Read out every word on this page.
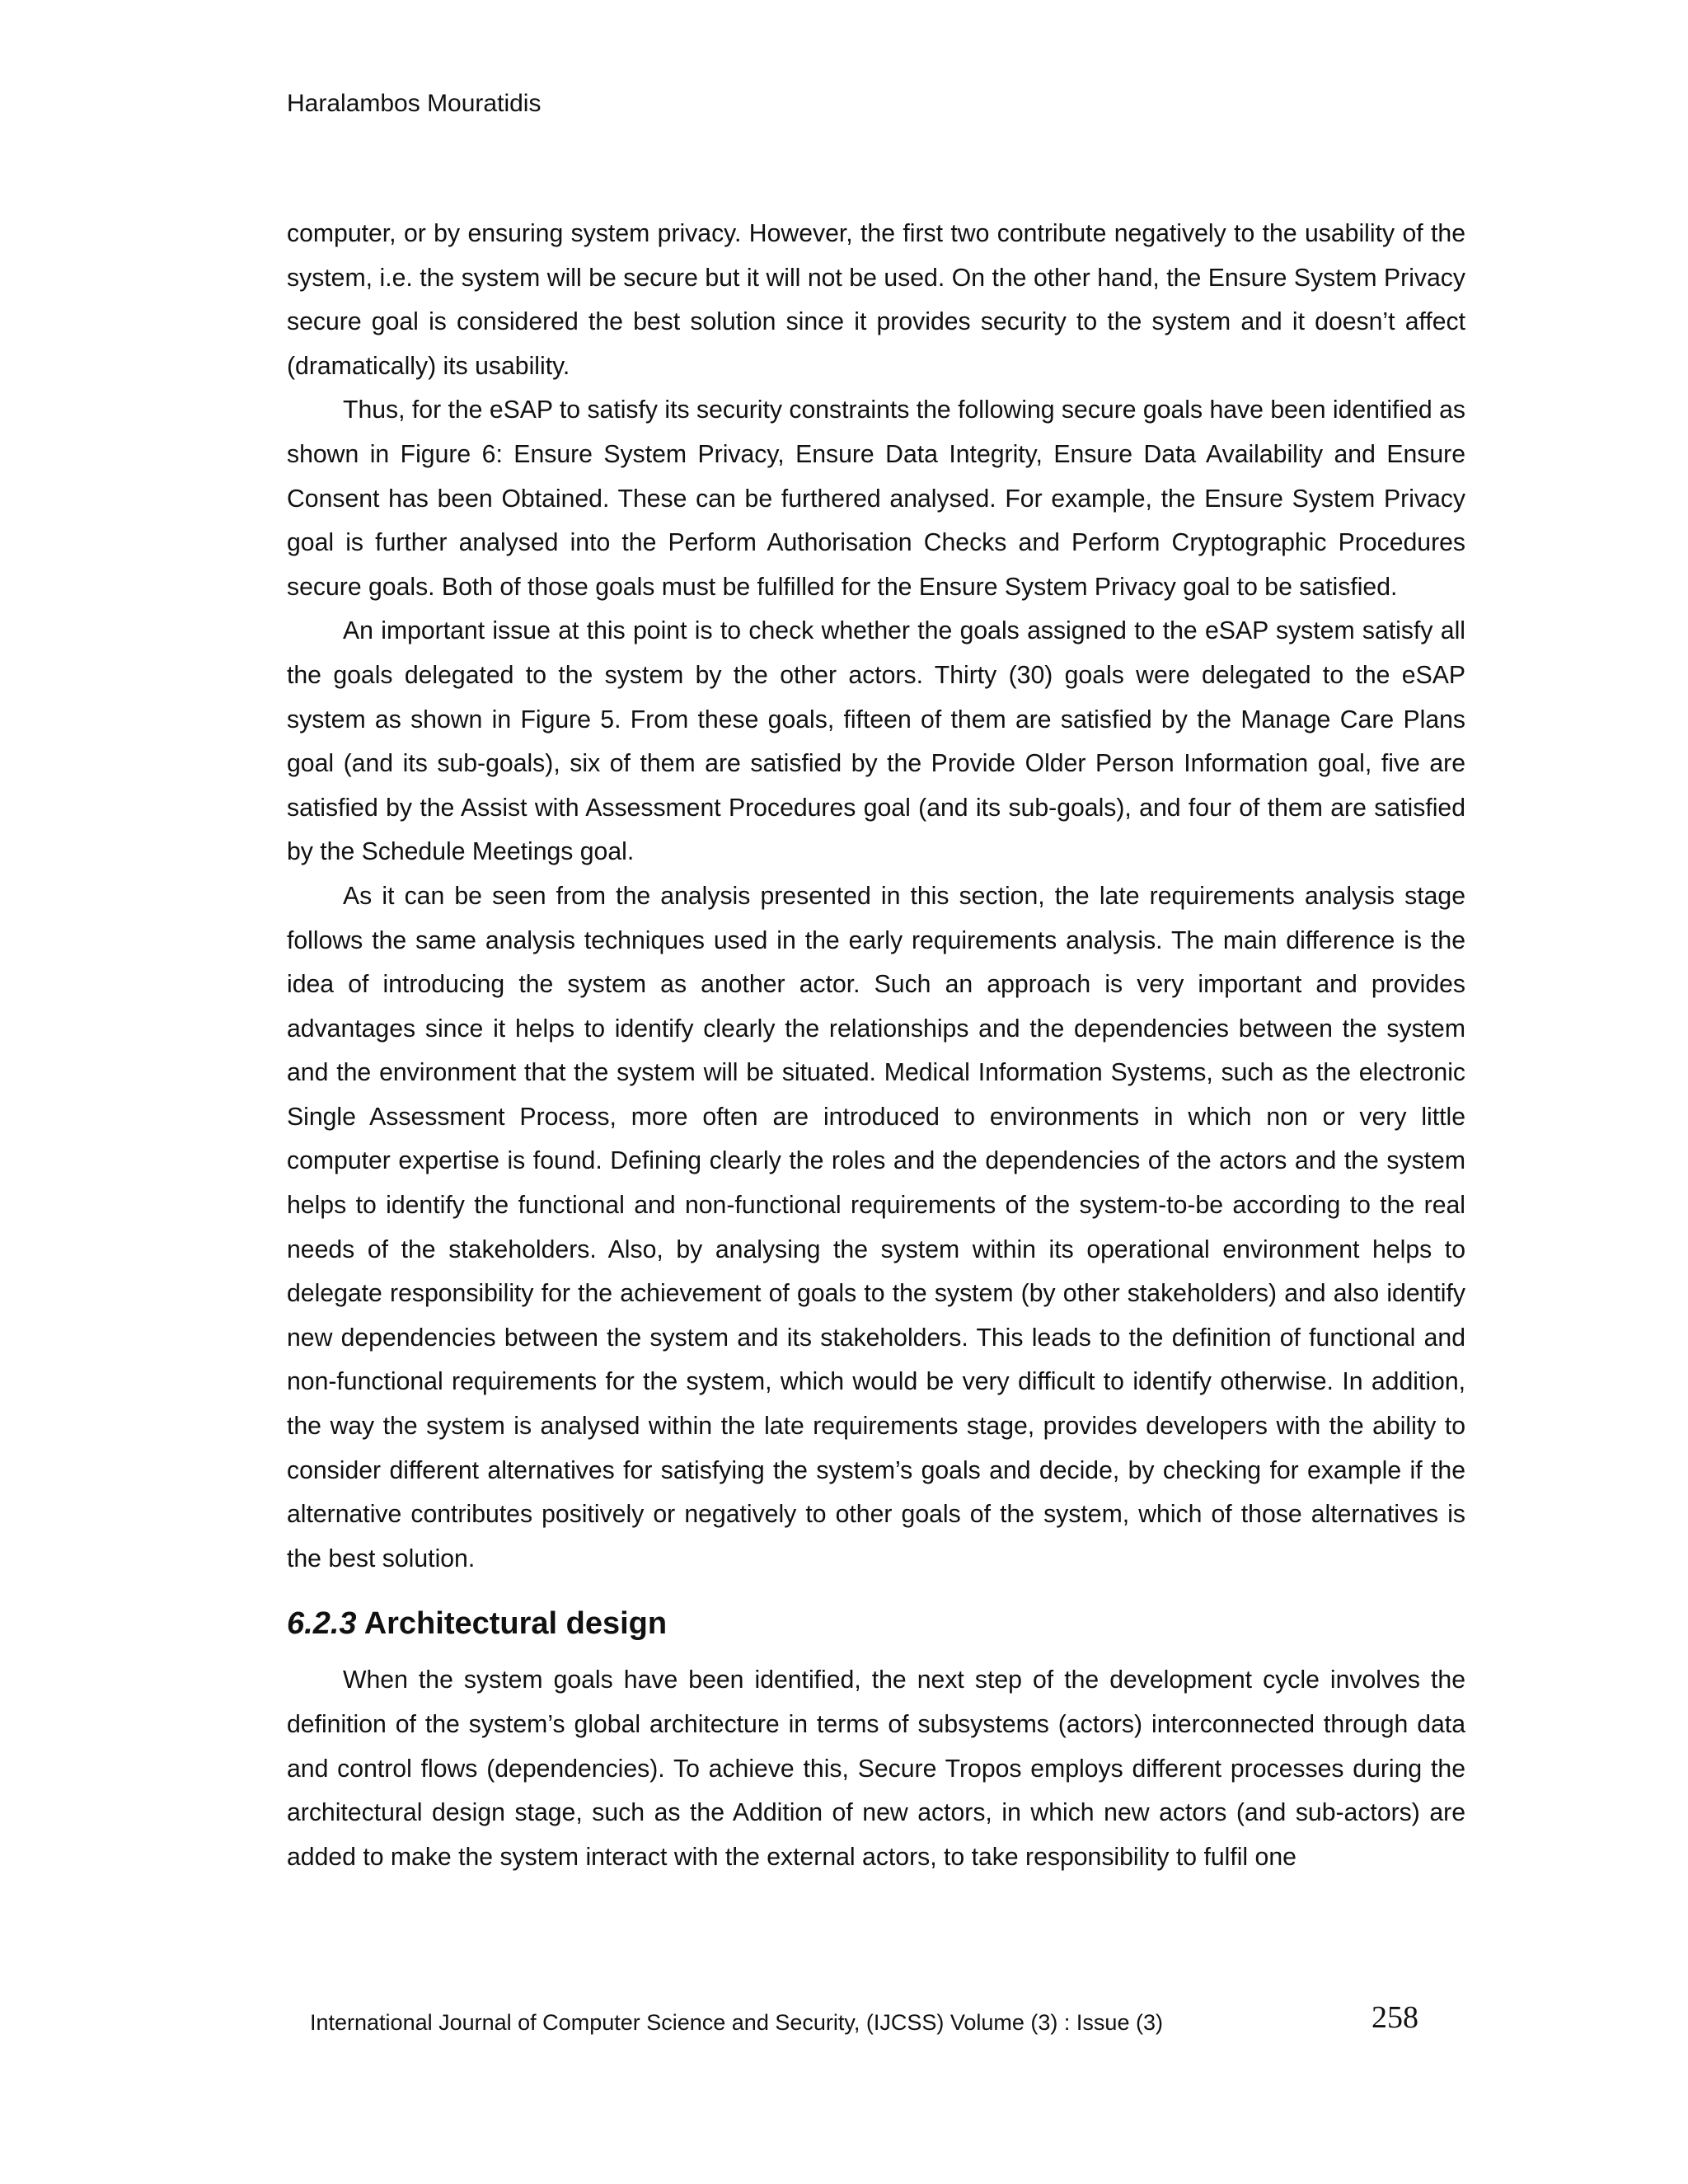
Haralambos Mouratidis

computer, or by ensuring system privacy. However, the first two contribute negatively to the usability of the system, i.e. the system will be secure but it will not be used. On the other hand, the Ensure System Privacy secure goal is considered the best solution since it provides security to the system and it doesn’t affect (dramatically) its usability.

Thus, for the eSAP to satisfy its security constraints the following secure goals have been identified as shown in Figure 6: Ensure System Privacy, Ensure Data Integrity, Ensure Data Availability and Ensure Consent has been Obtained. These can be furthered analysed. For example, the Ensure System Privacy goal is further analysed into the Perform Authorisation Checks and Perform Cryptographic Procedures secure goals. Both of those goals must be fulfilled for the Ensure System Privacy goal to be satisfied.

An important issue at this point is to check whether the goals assigned to the eSAP system satisfy all the goals delegated to the system by the other actors. Thirty (30) goals were delegated to the eSAP system as shown in Figure 5. From these goals, fifteen of them are satisfied by the Manage Care Plans goal (and its sub-goals), six of them are satisfied by the Provide Older Person Information goal, five are satisfied by the Assist with Assessment Procedures goal (and its sub-goals), and four of them are satisfied by the Schedule Meetings goal.

As it can be seen from the analysis presented in this section, the late requirements analysis stage follows the same analysis techniques used in the early requirements analysis. The main difference is the idea of introducing the system as another actor. Such an approach is very important and provides advantages since it helps to identify clearly the relationships and the dependencies between the system and the environment that the system will be situated. Medical Information Systems, such as the electronic Single Assessment Process, more often are introduced to environments in which non or very little computer expertise is found. Defining clearly the roles and the dependencies of the actors and the system helps to identify the functional and non-functional requirements of the system-to-be according to the real needs of the stakeholders. Also, by analysing the system within its operational environment helps to delegate responsibility for the achievement of goals to the system (by other stakeholders) and also identify new dependencies between the system and its stakeholders. This leads to the definition of functional and non-functional requirements for the system, which would be very difficult to identify otherwise. In addition, the way the system is analysed within the late requirements stage, provides developers with the ability to consider different alternatives for satisfying the system’s goals and decide, by checking for example if the alternative contributes positively or negatively to other goals of the system, which of those alternatives is the best solution.

6.2.3 Architectural design

When the system goals have been identified, the next step of the development cycle involves the definition of the system’s global architecture in terms of subsystems (actors) interconnected through data and control flows (dependencies). To achieve this, Secure Tropos employs different processes during the architectural design stage, such as the Addition of new actors, in which new actors (and sub-actors) are added to make the system interact with the external actors, to take responsibility to fulfil one

International Journal of Computer Science and Security, (IJCSS) Volume (3) : Issue (3)	258
